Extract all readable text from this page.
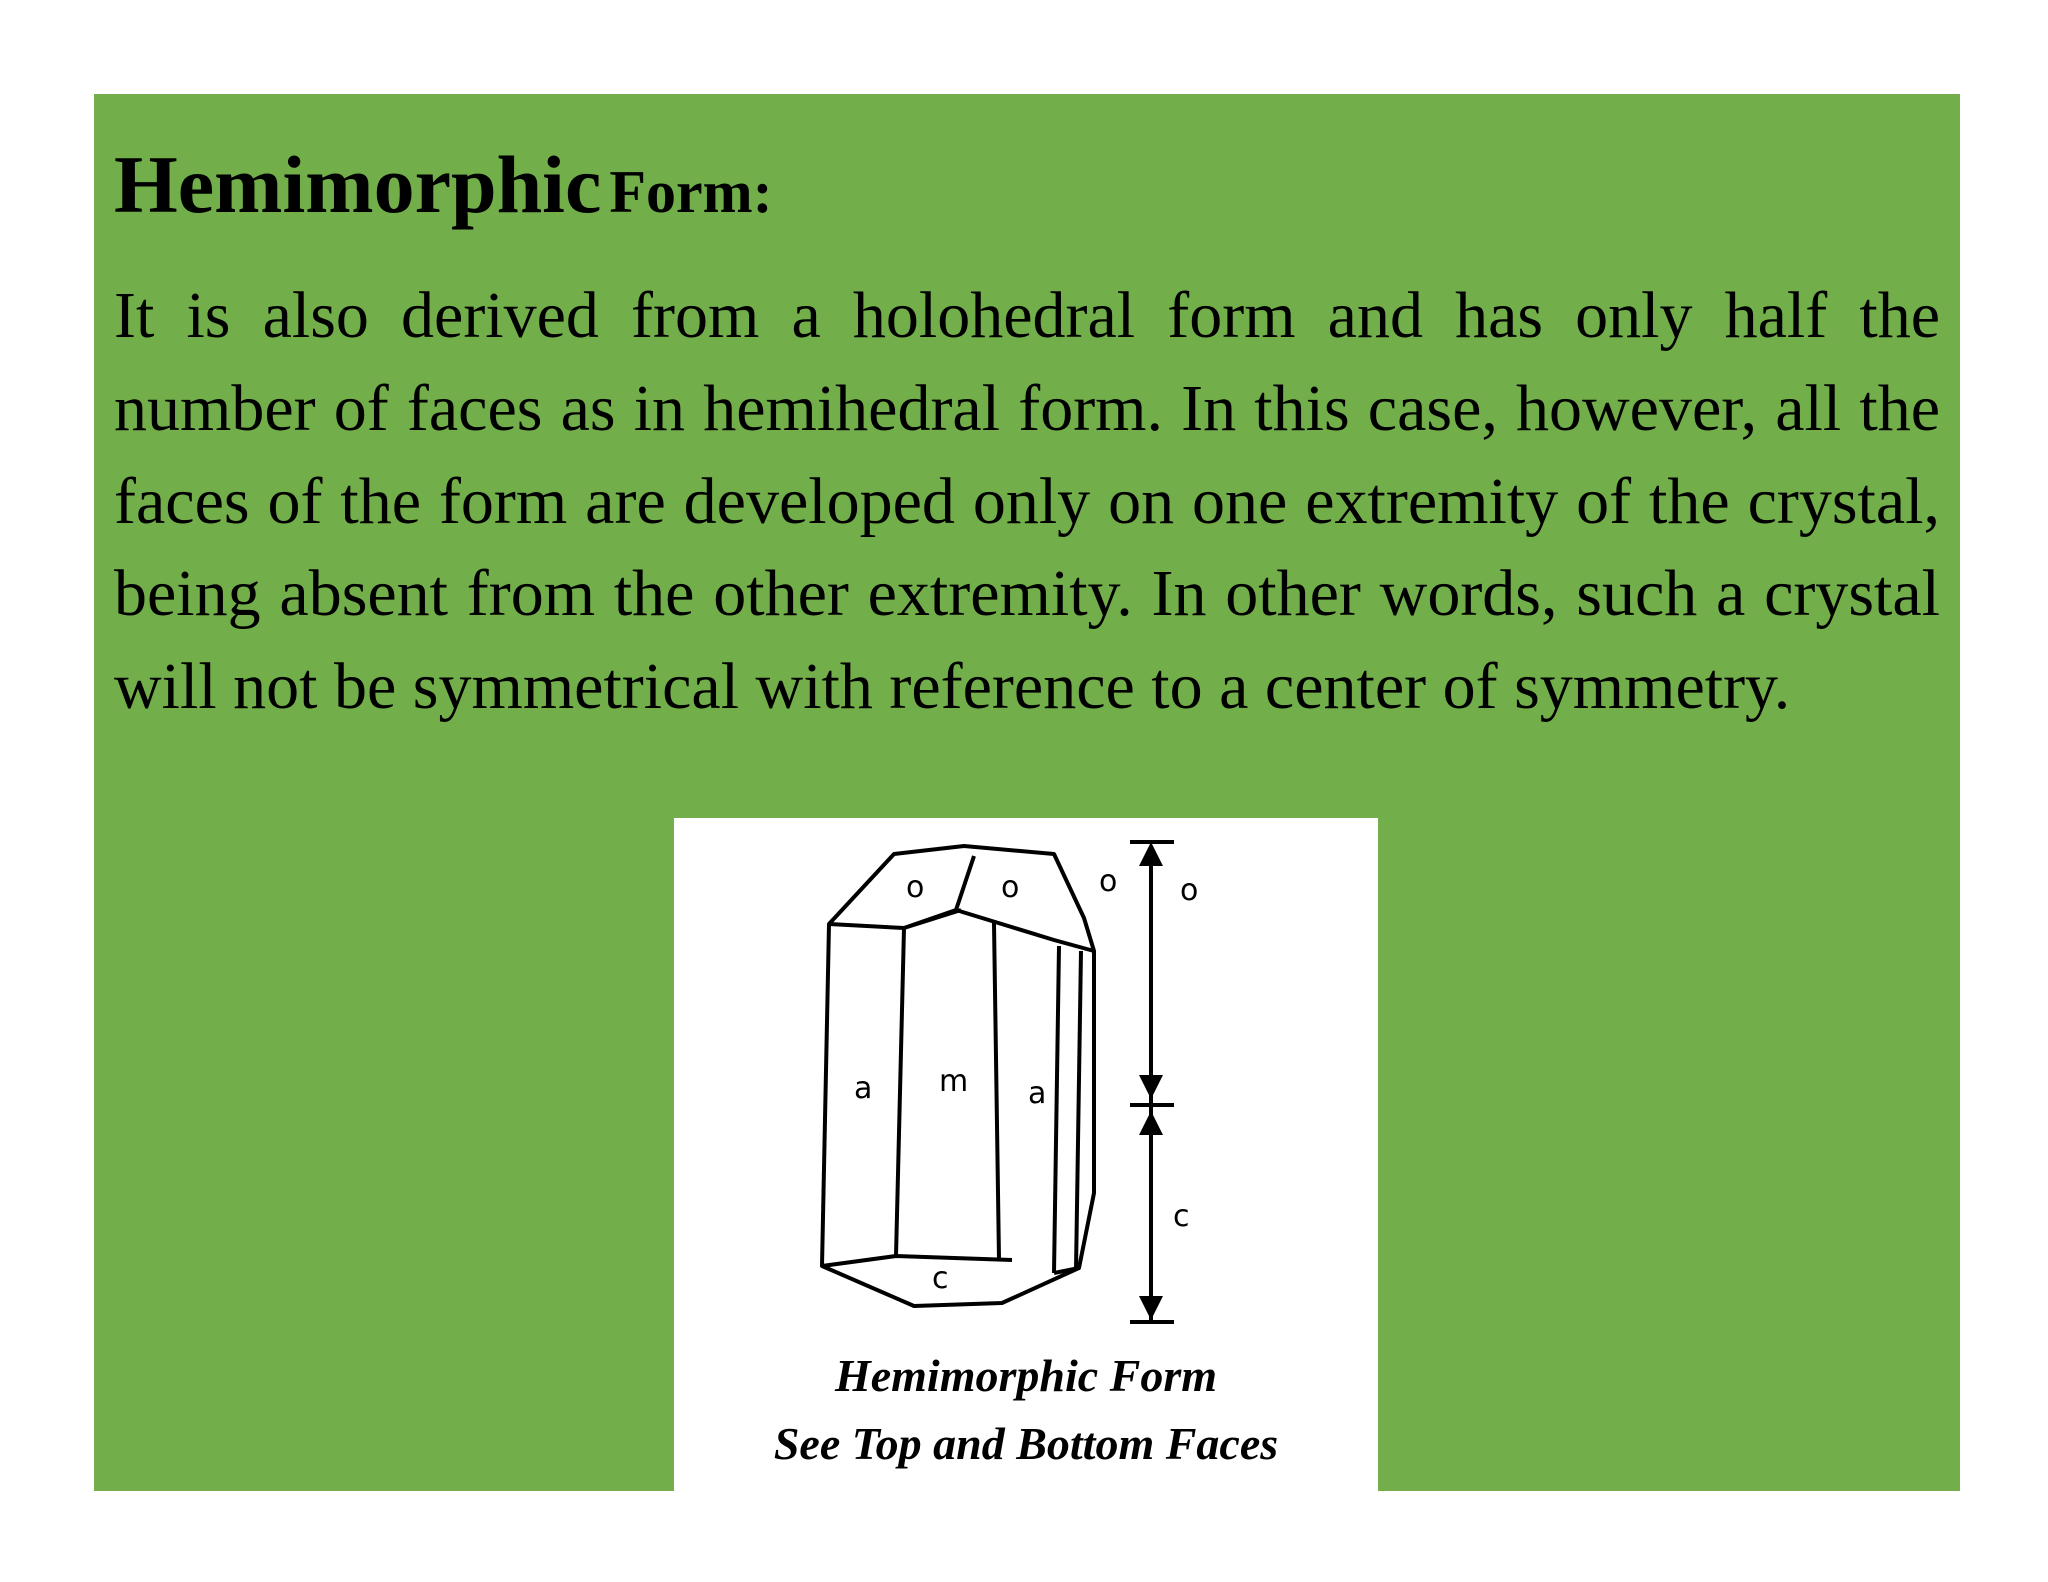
Hemimorphic Form:

It is also derived from a holohedral form and has only half the number of faces as in hemihedral form. In this case, however, all the faces of the form are developed only on one extremity of the crystal, being absent from the other extremity. In other words, such a crystal will not be symmetrical with reference to a center of symmetry.

o	o	o o
a m a
c
c
Hemimorphic Form
See Top and Bottom Faces
